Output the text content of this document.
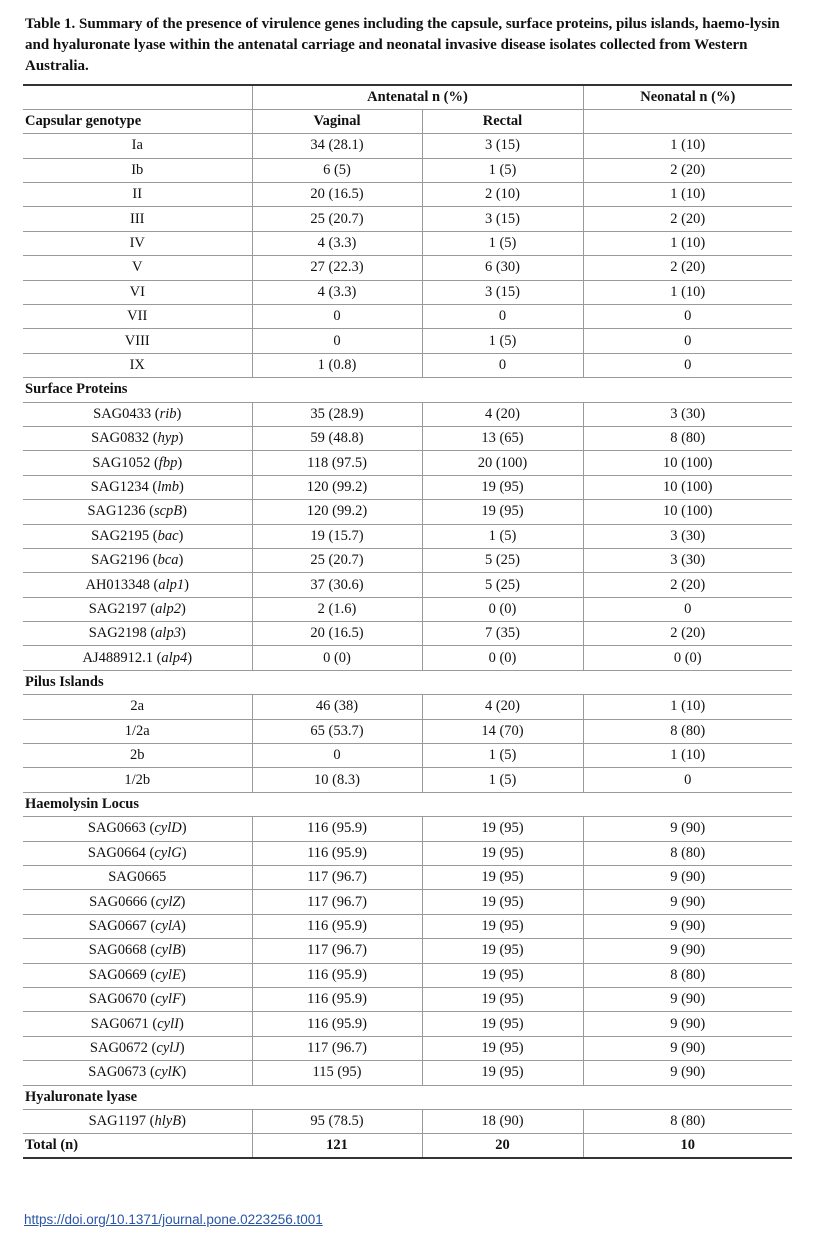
Table 1. Summary of the presence of virulence genes including the capsule, surface proteins, pilus islands, haemo-lysin and hyaluronate lyase within the antenatal carriage and neonatal invasive disease isolates collected from Western Australia.
	Antenatal n (%)		Neonatal n (%)
Capsular genotype	Vaginal	Rectal	
Ia	34 (28.1)	3 (15)	1 (10)
Ib	6 (5)	1 (5)	2 (20)
II	20 (16.5)	2 (10)	1 (10)
III	25 (20.7)	3 (15)	2 (20)
IV	4 (3.3)	1 (5)	1 (10)
V	27 (22.3)	6 (30)	2 (20)
VI	4 (3.3)	3 (15)	1 (10)
VII	0	0	0
VIII	0	1 (5)	0
IX	1 (0.8)	0	0
Surface Proteins			
SAG0433 (rib)	35 (28.9)	4 (20)	3 (30)
SAG0832 (hyp)	59 (48.8)	13 (65)	8 (80)
SAG1052 (fbp)	118 (97.5)	20 (100)	10 (100)
SAG1234 (lmb)	120 (99.2)	19 (95)	10 (100)
SAG1236 (scpB)	120 (99.2)	19 (95)	10 (100)
SAG2195 (bac)	19 (15.7)	1 (5)	3 (30)
SAG2196 (bca)	25 (20.7)	5 (25)	3 (30)
AH013348 (alp1)	37 (30.6)	5 (25)	2 (20)
SAG2197 (alp2)	2 (1.6)	0 (0)	0
SAG2198 (alp3)	20 (16.5)	7 (35)	2 (20)
AJ488912.1 (alp4)	0 (0)	0 (0)	0 (0)
Pilus Islands			
2a	46 (38)	4 (20)	1 (10)
1/2a	65 (53.7)	14 (70)	8 (80)
2b	0	1 (5)	1 (10)
1/2b	10 (8.3)	1 (5)	0
Haemolysin Locus			
SAG0663 (cylD)	116 (95.9)	19 (95)	9 (90)
SAG0664 (cylG)	116 (95.9)	19 (95)	8 (80)
SAG0665	117 (96.7)	19 (95)	9 (90)
SAG0666 (cylZ)	117 (96.7)	19 (95)	9 (90)
SAG0667 (cylA)	116 (95.9)	19 (95)	9 (90)
SAG0668 (cylB)	117 (96.7)	19 (95)	9 (90)
SAG0669 (cylE)	116 (95.9)	19 (95)	8 (80)
SAG0670 (cylF)	116 (95.9)	19 (95)	9 (90)
SAG0671 (cylI)	116 (95.9)	19 (95)	9 (90)
SAG0672 (cylJ)	117 (96.7)	19 (95)	9 (90)
SAG0673 (cylK)	115 (95)	19 (95)	9 (90)
Hyaluronate lyase			
SAG1197 (hlyB)	95 (78.5)	18 (90)	8 (80)
Total (n)	121	20	10
https://doi.org/10.1371/journal.pone.0223256.t001
